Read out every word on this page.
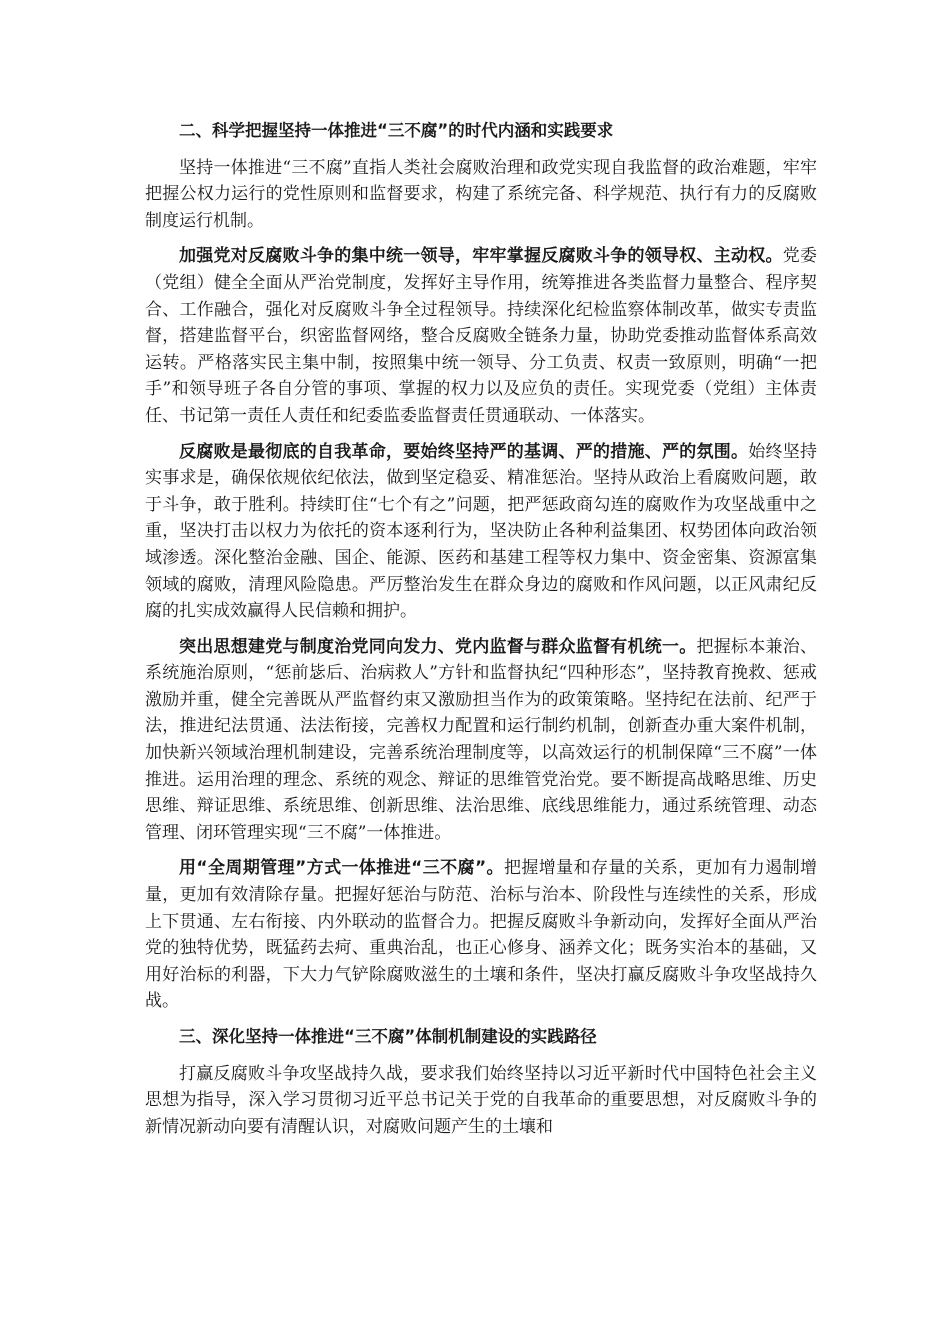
二、科学把握坚持一体推进“三不腐”的时代内涵和实践要求

坚持一体推进“三不腐”直指人类社会腐败治理和政党实现自我监督的政治难题，牢牢把握公权力运行的党性原则和监督要求，构建了系统完备、科学规范、执行有力的反腐败制度运行机制。

加强党对反腐败斗争的集中统一领导，牢牢掌握反腐败斗争的领导权、主动权。党委（党组）健全全面从严治党制度，发挥好主导作用，统筹推进各类监督力量整合、程序契合、工作融合，强化对反腐败斗争全过程领导。持续深化纪检监察体制改革，做实专责监督，搭建监督平台，织密监督网络，整合反腐败全链条力量，协助党委推动监督体系高效运转。严格落实民主集中制，按照集中统一领导、分工负责、权责一致原则，明确“一把手”和领导班子各自分管的事项、掌握的权力以及应负的责任。实现党委（党组）主体责任、书记第一责任人责任和纪委监委监督责任贯通联动、一体落实。

反腐败是最彻底的自我革命，要始终坚持严的基调、严的措施、严的氛围。始终坚持实事求是，确保依规依纪依法，做到坚定稳妥、精准惩治。坚持从政治上看腐败问题，敢于斗争，敢于胜利。持续盯住“七个有之”问题，把严惩政商勾连的腐败作为攻坚战重中之重，坚决打击以权力为依托的资本逐利行为，坚决防止各种利益集团、权势团体向政治领域渗透。深化整治金融、国企、能源、医药和基建工程等权力集中、资金密集、资源富集领域的腐败，清理风险隐患。严厉整治发生在群众身边的腐败和作风问题，以正风肃纪反腐的扎实成效赢得人民信赖和拥护。

突出思想建党与制度治党同向发力、党内监督与群众监督有机统一。把握标本兼治、系统施治原则，“惩前毖后、治病救人”方针和监督执纪“四种形态”，坚持教育挽救、惩戒激励并重，健全完善既从严监督约束又激励担当作为的政策策略。坚持纪在法前、纪严于法，推进纪法贯通、法法衔接，完善权力配置和运行制约机制，创新查办重大案件机制，加快新兴领域治理机制建设，完善系统治理制度等，以高效运行的机制保障“三不腐”一体推进。运用治理的理念、系统的观念、辩证的思维管党治党。要不断提高战略思维、历史思维、辩证思维、系统思维、创新思维、法治思维、底线思维能力，通过系统管理、动态管理、闭环管理实现“三不腐”一体推进。

用“全周期管理”方式一体推进“三不腐”。把握增量和存量的关系，更加有力遏制增量，更加有效清除存量。把握好惩治与防范、治标与治本、阶段性与连续性的关系，形成上下贯通、左右衔接、内外联动的监督合力。把握反腐败斗争新动向，发挥好全面从严治党的独特优势，既猛药去疴、重典治乱，也正心修身、涵养文化；既务实治本的基础，又用好治标的利器，下大力气铲除腐败滋生的土壤和条件，坚决打赢反腐败斗争攻坚战持久战。

三、深化坚持一体推进“三不腐”体制机制建设的实践路径

打赢反腐败斗争攻坚战持久战，要求我们始终坚持以习近平新时代中国特色社会主义思想为指导，深入学习贯彻习近平总书记关于党的自我革命的重要思想，对反腐败斗争的新情况新动向要有清醒认识，对腐败问题产生的土壤和
